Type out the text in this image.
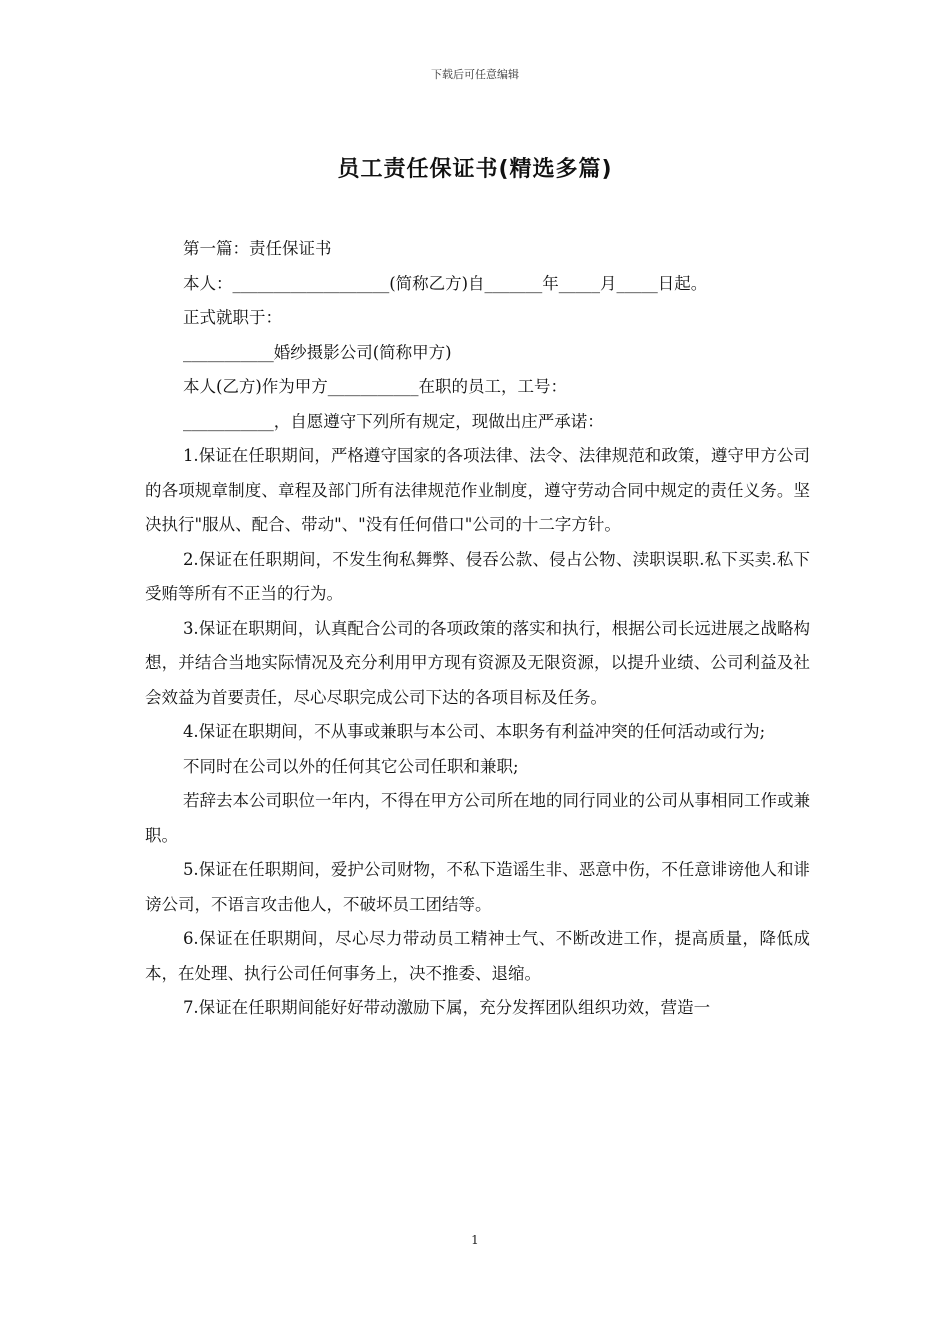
下载后可任意编辑
员工责任保证书(精选多篇)

第一篇：责任保证书

本人：___________________(简称乙方)自_______年_____月_____日起。

正式就职于：

___________婚纱摄影公司(简称甲方)

本人(乙方)作为甲方___________在职的员工，工号：

___________，自愿遵守下列所有规定，现做出庄严承诺：

1.保证在任职期间，严格遵守国家的各项法律、法令、法律规范和政策，遵守甲方公司的各项规章制度、章程及部门所有法律规范作业制度，遵守劳动合同中规定的责任义务。坚决执行"服从、配合、带动"、"没有任何借口"公司的十二字方针。

2.保证在任职期间，不发生徇私舞弊、侵吞公款、侵占公物、渎职误职.私下买卖.私下受贿等所有不正当的行为。

3.保证在职期间，认真配合公司的各项政策的落实和执行，根据公司长远进展之战略构想，并结合当地实际情况及充分利用甲方现有资源及无限资源，以提升业绩、公司利益及社会效益为首要责任，尽心尽职完成公司下达的各项目标及任务。

4.保证在职期间，不从事或兼职与本公司、本职务有利益冲突的任何活动或行为;

不同时在公司以外的任何其它公司任职和兼职;

若辞去本公司职位一年内，不得在甲方公司所在地的同行同业的公司从事相同工作或兼职。

5.保证在任职期间，爱护公司财物，不私下造谣生非、恶意中伤，不任意诽谤他人和诽谤公司，不语言攻击他人，不破坏员工团结等。

6.保证在任职期间，尽心尽力带动员工精神士气、不断改进工作，提高质量，降低成本，在处理、执行公司任何事务上，决不推委、退缩。

7.保证在任职期间能好好带动激励下属，充分发挥团队组织功效，营造一

1
